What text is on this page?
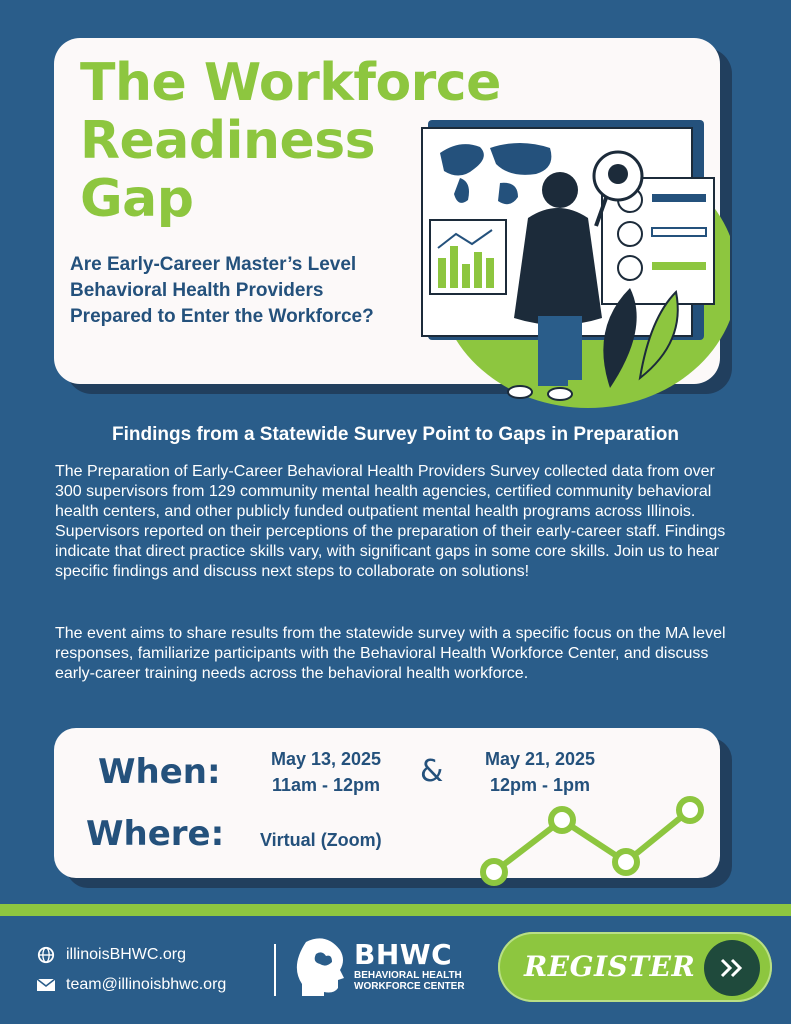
The Workforce
Readiness
Gap
Are Early-Career Master’s Level Behavioral Health Providers Prepared to Enter the Workforce?
Findings from a Statewide Survey Point to Gaps in Preparation
The Preparation of Early-Career Behavioral Health Providers Survey collected data from over 300 supervisors from 129 community mental health agencies, certified community behavioral health centers, and other publicly funded outpatient mental health programs across Illinois. Supervisors reported on their perceptions of the preparation of their early-career staff. Findings indicate that direct practice skills vary, with significant gaps in some core skills. Join us to hear specific findings and discuss next steps to collaborate on solutions!
The event aims to share results from the statewide survey with a specific focus on the MA level responses, familiarize participants with the Behavioral Health Workforce Center, and discuss early-career training needs across the behavioral health workforce.
When:
Where:
May 13, 2025
11am - 12pm	&	May 21, 2025
12pm - 1pm
Virtual (Zoom)
illinoisBHWC.org
team@illinoisbhwc.org
BHWC
BEHAVIORAL HEALTH
WORKFORCE CENTER
REGISTER
